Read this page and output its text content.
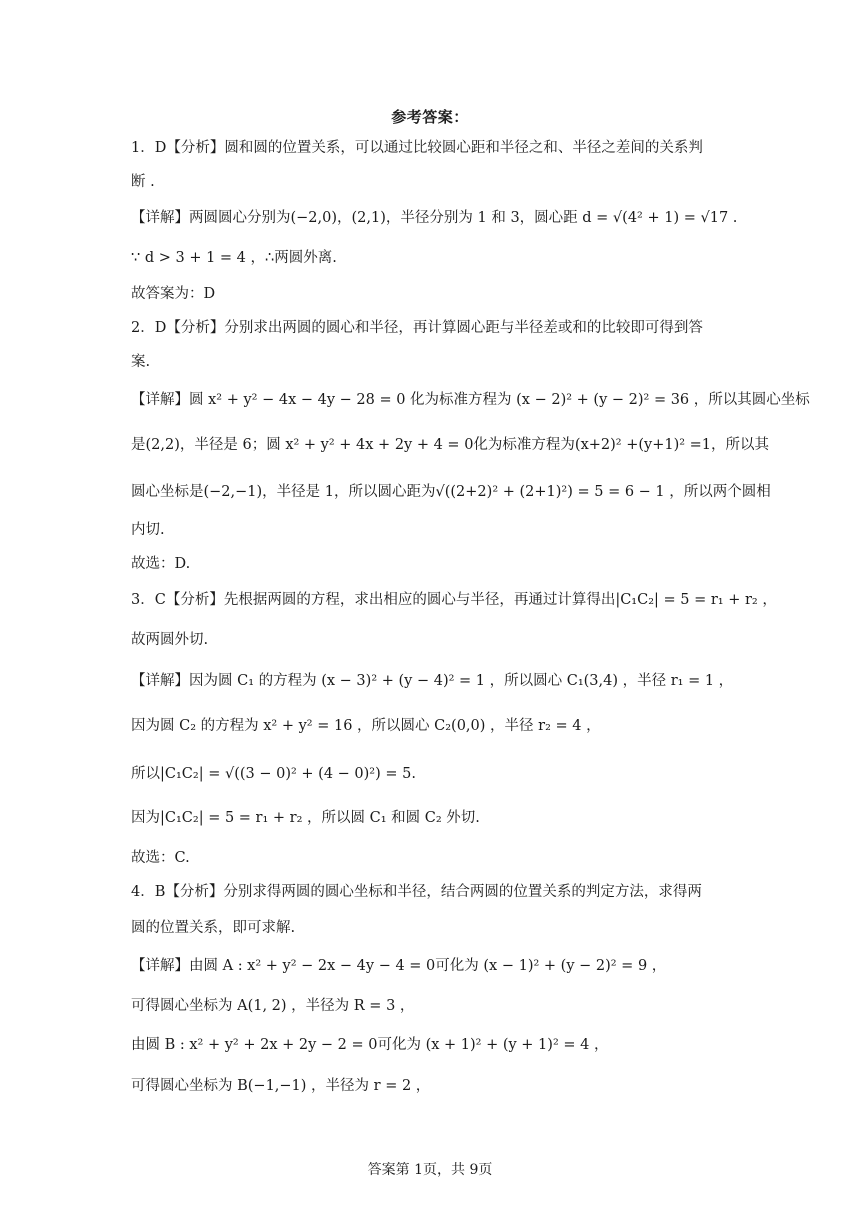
参考答案：
1．D【分析】圆和圆的位置关系，可以通过比较圆心距和半径之和、半径之差间的关系判
断 .
【详解】两圆圆心分别为(−2,0)，(2,1)，半径分别为 1 和 3，圆心距 d = √(4² + 1) = √17 .
∵ d > 3 + 1 = 4 ，∴两圆外离.
故答案为：D
2．D【分析】分别求出两圆的圆心和半径，再计算圆心距与半径差或和的比较即可得到答
案.
【详解】圆 x² + y² − 4x − 4y − 28 = 0 化为标准方程为 (x − 2)² + (y − 2)² = 36 ，所以其圆心坐标
是(2,2)，半径是 6；圆 x² + y² + 4x + 2y + 4 = 0化为标准方程为(x+2)² +(y+1)² =1，所以其
圆心坐标是(−2,−1)，半径是 1，所以圆心距为√((2+2)² + (2+1)²) = 5 = 6 − 1 ，所以两个圆相
内切.
故选：D.
3．C【分析】先根据两圆的方程，求出相应的圆心与半径，再通过计算得出|C₁C₂| = 5 = r₁ + r₂ ，
故两圆外切.
【详解】因为圆 C₁ 的方程为 (x − 3)² + (y − 4)² = 1 ，所以圆心 C₁(3,4) ，半径 r₁ = 1 ，
因为圆 C₂ 的方程为 x² + y² = 16 ，所以圆心 C₂(0,0) ，半径 r₂ = 4 ，
所以|C₁C₂| = √((3 − 0)² + (4 − 0)²) = 5.
因为|C₁C₂| = 5 = r₁ + r₂ ，所以圆 C₁ 和圆 C₂ 外切.
故选：C.
4．B【分析】分别求得两圆的圆心坐标和半径，结合两圆的位置关系的判定方法，求得两
圆的位置关系，即可求解.
【详解】由圆 A : x² + y² − 2x − 4y − 4 = 0可化为 (x − 1)² + (y − 2)² = 9 ，
可得圆心坐标为 A(1, 2) ，半径为 R = 3 ，
由圆 B : x² + y² + 2x + 2y − 2 = 0可化为 (x + 1)² + (y + 1)² = 4 ，
可得圆心坐标为 B(−1,−1) ，半径为 r = 2 ，
答案第 1页，共 9页
